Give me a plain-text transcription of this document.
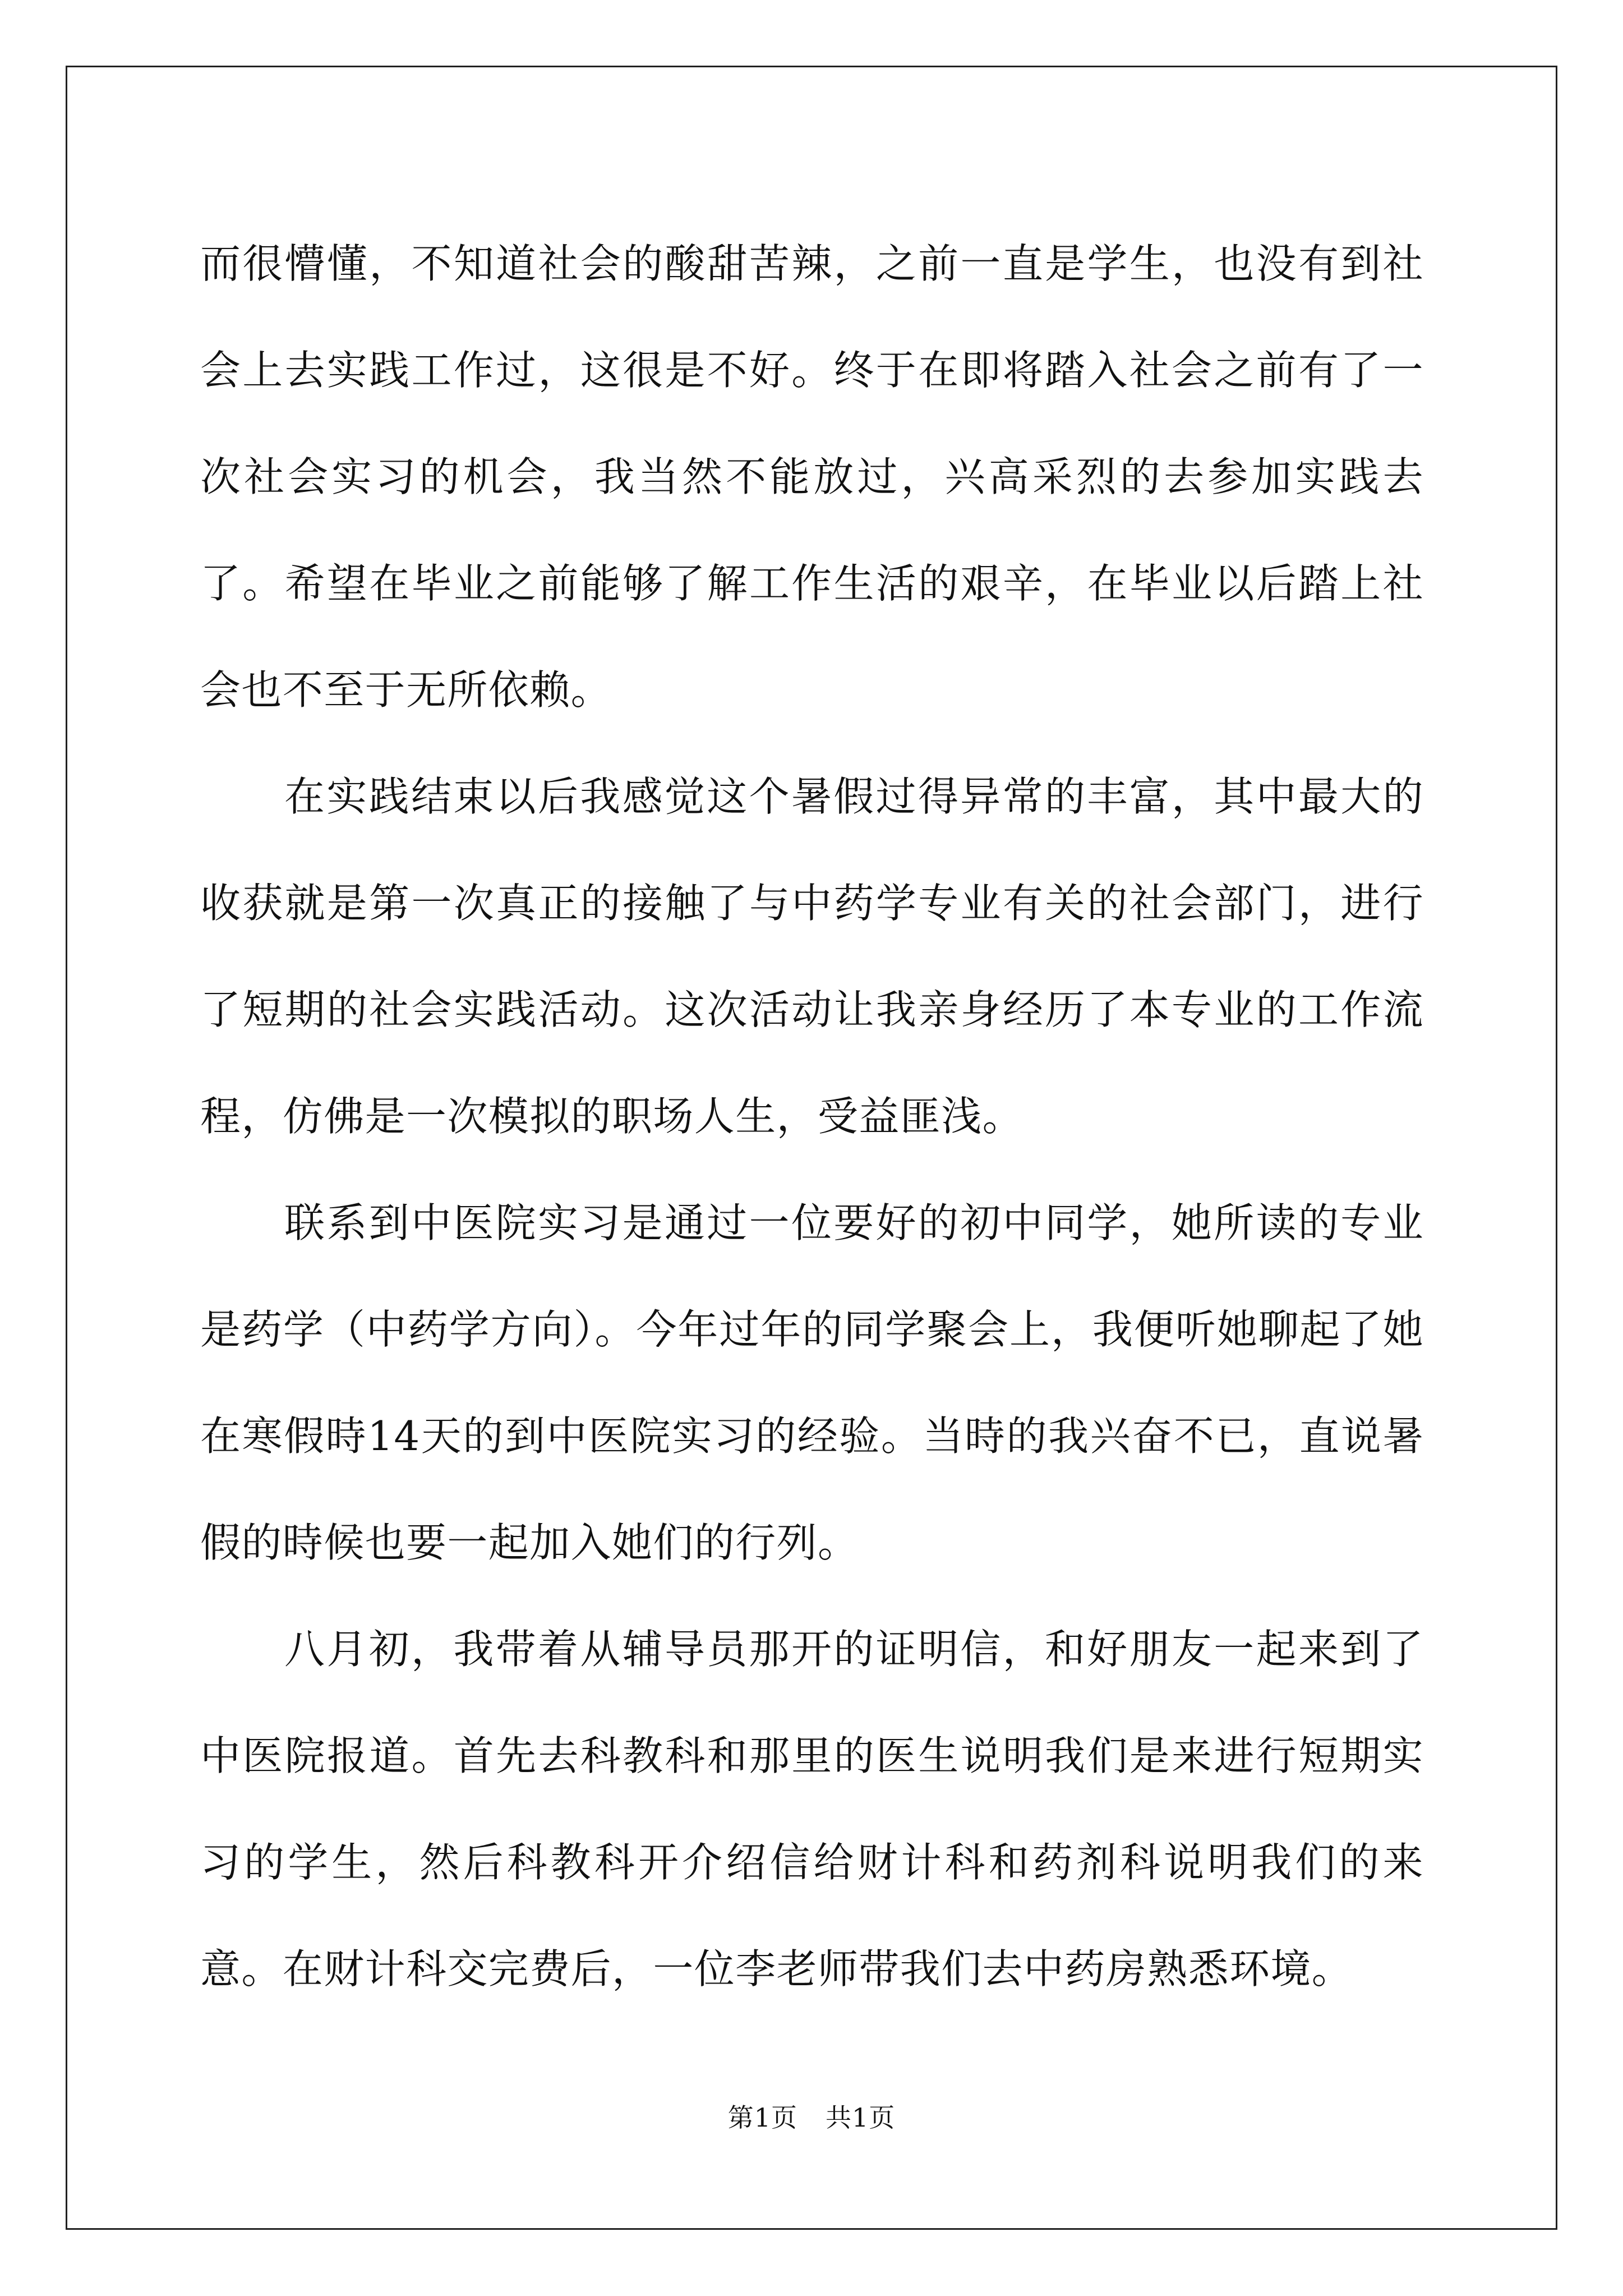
而很懵懂，不知道社会的酸甜苦辣，之前一直是学生，也没有到社会上去实践工作过，这很是不好。终于在即将踏入社会之前有了一次社会实习的机会，我当然不能放过，兴高采烈的去参加实践去了。希望在毕业之前能够了解工作生活的艰辛，在毕业以后踏上社会也不至于无所依赖。

在实践结束以后我感觉这个暑假过得异常的丰富，其中最大的收获就是第一次真正的接触了与中药学专业有关的社会部门，进行了短期的社会实践活动。这次活动让我亲身经历了本专业的工作流程，仿佛是一次模拟的职场人生，受益匪浅。

联系到中医院实习是通过一位要好的初中同学，她所读的专业是药学（中药学方向）。今年过年的同学聚会上，我便听她聊起了她在寒假時14天的到中医院实习的经验。当時的我兴奋不已，直说暑假的時候也要一起加入她们的行列。

八月初，我带着从辅导员那开的证明信，和好朋友一起来到了中医院报道。首先去科教科和那里的医生说明我们是来进行短期实习的学生，然后科教科开介绍信给财计科和药剂科说明我们的来意。在财计科交完费后，一位李老师带我们去中药房熟悉环境。

第1页 共1页
